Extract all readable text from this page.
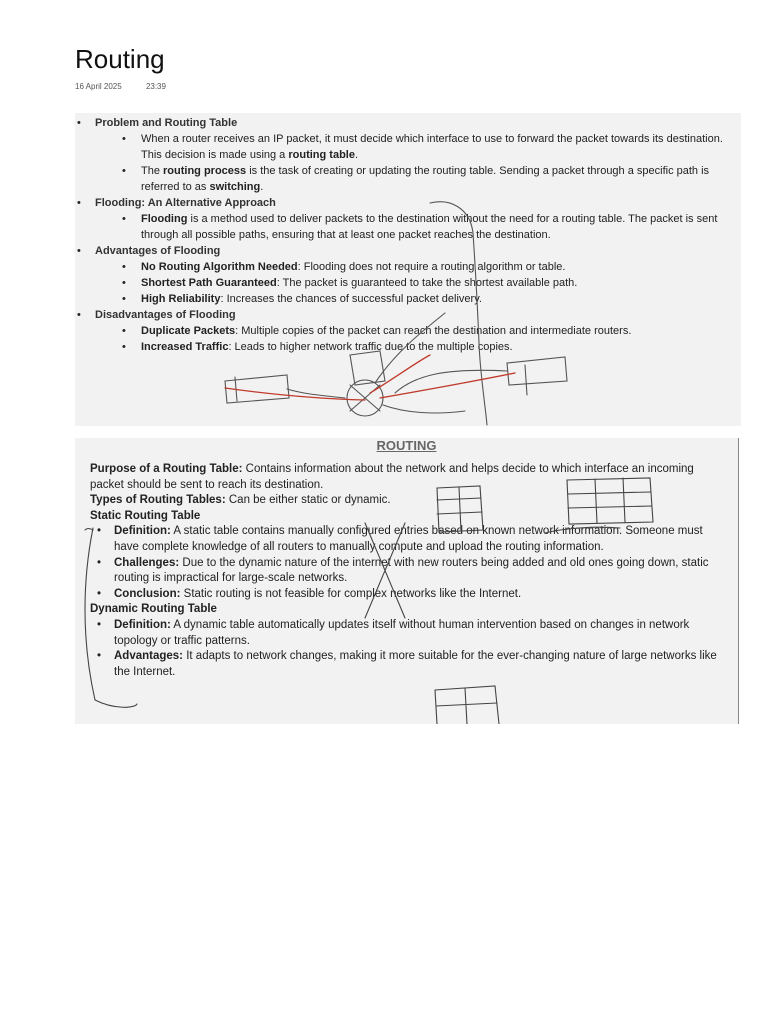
Routing
16 April 2025	23:39
• Problem and Routing Table
• When a router receives an IP packet, it must decide which interface to use to forward the packet towards its destination. This decision is made using a routing table.
• The routing process is the task of creating or updating the routing table. Sending a packet through a specific path is referred to as switching.
• Flooding: An Alternative Approach
• Flooding is a method used to deliver packets to the destination without the need for a routing table. The packet is sent through all possible paths, ensuring that at least one packet reaches the destination.
• Advantages of Flooding
• No Routing Algorithm Needed: Flooding does not require a routing algorithm or table.
• Shortest Path Guaranteed: The packet is guaranteed to take the shortest available path.
• High Reliability: Increases the chances of successful packet delivery.
• Disadvantages of Flooding
• Duplicate Packets: Multiple copies of the packet can reach the destination and intermediate routers.
• Increased Traffic: Leads to higher network traffic due to the multiple copies.
ROUTING

Purpose of a Routing Table: Contains information about the network and helps decide to which interface an incoming packet should be sent to reach its destination.

Types of Routing Tables: Can be either static or dynamic.

Static Routing Table
• Definition: A static table contains manually configured entries based on known network information. Someone must have complete knowledge of all routers to manually compute and upload the routing information.
• Challenges: Due to the dynamic nature of the internet with new routers being added and old ones going down, static routing is impractical for large-scale networks.
• Conclusion: Static routing is not feasible for complex networks like the Internet.
Dynamic Routing Table
• Definition: A dynamic table automatically updates itself without human intervention based on changes in network topology or traffic patterns.
• Advantages: It adapts to network changes, making it more suitable for the ever-changing nature of large networks like the Internet.
